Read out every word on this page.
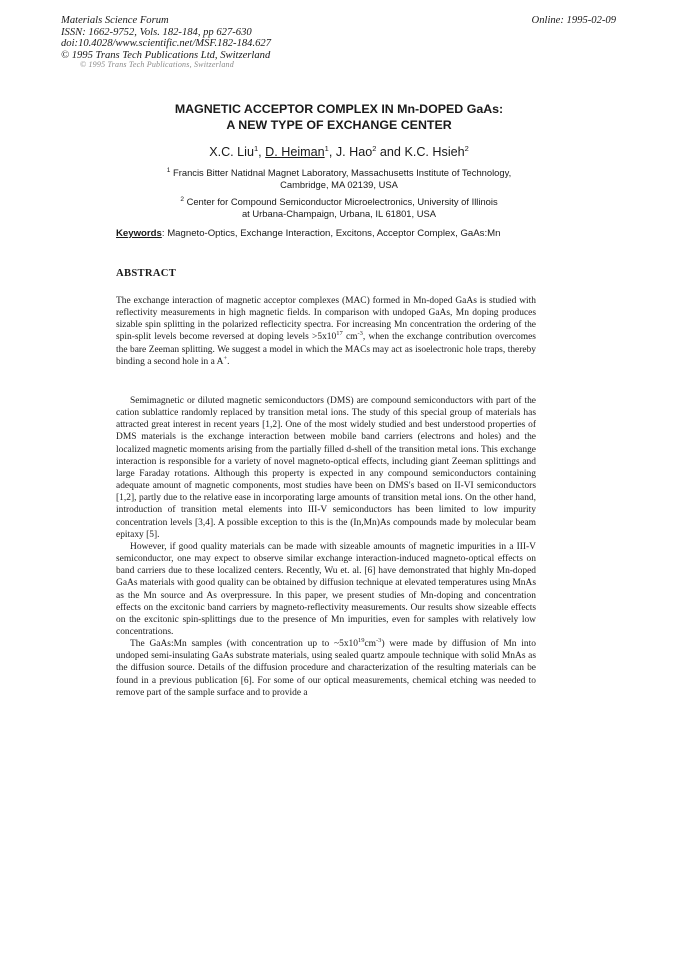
Materials Science Forum
ISSN: 1662-9752, Vols. 182-184, pp 627-630
doi:10.4028/www.scientific.net/MSF.182-184.627
© 1995 Trans Tech Publications Ltd, Switzerland
Online: 1995-02-09
© 1995 Trans Tech Publications, Switzerland
MAGNETIC ACCEPTOR COMPLEX IN Mn-DOPED GaAs:
A NEW TYPE OF EXCHANGE CENTER
X.C. Liu$^1$, D. Heiman$^1$, J. Hao$^2$ and K.C. Hsieh$^2$
$^1$ Francis Bitter Natidnal Magnet Laboratory, Massachusetts Institute of Technology,
Cambridge, MA 02139, USA
$^2$ Center for Compound Semiconductor Microelectronics, University of Illinois
at Urbana-Champaign, Urbana, IL 61801, USA
Keywords: Magneto-Optics, Exchange Interaction, Excitons, Acceptor Complex, GaAs:Mn
ABSTRACT

The exchange interaction of magnetic acceptor complexes (MAC) formed in Mn-doped GaAs is studied with reflectivity measurements in high magnetic fields. In comparison with undoped GaAs, Mn doping produces sizable spin splitting in the polarized reflecticity spectra. For increasing Mn concentration the ordering of the spin-split levels become reversed at doping levels $>5x10^{17}$ $cm^{-3}$, when the exchange contribution overcomes the bare Zeeman splitting. We suggest a model in which the MACs may act as isoelectronic hole traps, thereby binding a second hole in a A+.

Semimagnetic or diluted magnetic semiconductors (DMS) are compound semiconductors with part of the cation sublattice randomly replaced by transition metal ions. The study of this special group of materials has attracted great interest in recent years [1,2]. One of the most widely studied and best understood properties of DMS materials is the exchange interaction between mobile band carriers (electrons and holes) and the localized magnetic moments arising from the partially filled d-shell of the transition metal ions. This exchange interaction is responsible for a variety of novel magneto-optical effects, including giant Zeeman splittings and large Faraday rotations. Although this property is expected in any compound semiconductors containing adequate amount of magnetic components, most studies have been on DMS's based on II-VI semiconductors [1,2], partly due to the relative ease in incorporating large amounts of transition metal ions. On the other hand, introduction of transition metal elements into III-V semiconductors has been limited to low impurity concentration levels [3,4]. A possible exception to this is the (In,Mn)As compounds made by molecular beam epitaxy [5].

However, if good quality materials can be made with sizeable amounts of magnetic impurities in a III-V semiconductor, one may expect to observe similar exchange interaction-induced magneto-optical effects on band carriers due to these localized centers. Recently, Wu et. al. [6] have demonstrated that highly Mn-doped GaAs materials with good quality can be obtained by diffusion technique at elevated temperatures using MnAs as the Mn source and As overpressure. In this paper, we present studies of Mn-doping and concentration effects on the excitonic band carriers by magneto-reflectivity measurements. Our results show sizeable effects on the excitonic spin-splittings due to the presence of Mn impurities, even for samples with relatively low concentrations.

The GaAs:Mn samples (with concentration up to $\sim 5x10^{19}cm^{-3}$) were made by diffusion of Mn into undoped semi-insulating GaAs substrate materials, using sealed quartz ampoule technique with solid MnAs as the diffusion source. Details of the diffusion procedure and characterization of the resulting materials can be found in a previous publication [6]. For some of our optical measurements, chemical etching was needed to remove part of the sample surface and to provide a
